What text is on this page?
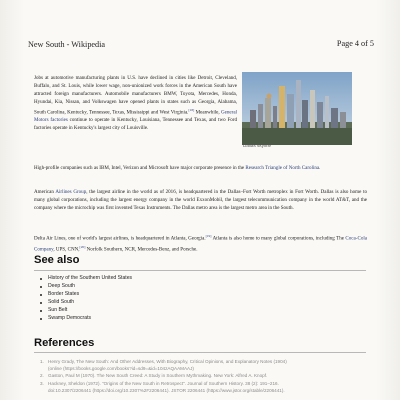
New South - Wikipedia	Page 4 of 5
Dallas skyline

Jobs at automotive manufacturing plants in U.S. have declined in cities like Detroit, Cleveland, Buffalo, and St. Louis, while lower wage, non-unionized work forces in the American South have attracted foreign manufacturers. Automobile manufacturers BMW, Toyota, Mercedes, Honda, Hyundai, Kia, Nissan, and Volkswagen have opened plants in states such as Georgia, Alabama, South Carolina, Kentucky, Tennessee, Texas, Mississippi and West Virginia.[18] Meanwhile, General Motors factories continue to operate in Kentucky, Louisiana, Tennessee and Texas, and two Ford factories operate in Kentucky's largest city of Louisville.

High-profile companies such as IBM, Intel, Verizon and Microsoft have major corporate presence in the Research Triangle of North Carolina.

American Airlines Group, the largest airline in the world as of 2016, is headquartered in the Dallas–Fort Worth metroplex in Fort Worth. Dallas is also home to many global corporations, including the largest energy company in the world ExxonMobil, the largest telecommunication company in the world AT&T, and the company where the microchip was first invented Texas Instruments. The Dallas metro area is the largest metro area in the South.

Delta Air Lines, one of world's largest airlines, is headquartered in Atlanta, Georgia.[19] Atlanta is also home to many global corporations, including The Coca-Cola Company, UPS, CNN,[20] Norfolk Southern, NCR, Mercedes-Benz, and Porsche.

See also
History of the Southern United States
Deep South
Border States
Solid South
Sun Belt
Swamp Democrats
References
1. Henry Grady, The New South: And Other Addresses, With Biography, Critical Opinions, and Explanatory Notes (1904)
(online (https://books.google.com/books?id=sd9=&id=104zAQAAMAAJ)
2. Gaston, Paul M (1970). The New South Creed: A Study in Southern Mythmaking. New York: Alfred A. Knopf.
3. Hackney, Sheldon (1972). "Origins of the New South in Retrospect". Journal of Southern History. 38 (2): 191–216.
doi:10.2307/2206441 (https://doi.org/10.2307%2F2206441). JSTOR 2206441 (https://www.jstor.org/stable/2206441).
